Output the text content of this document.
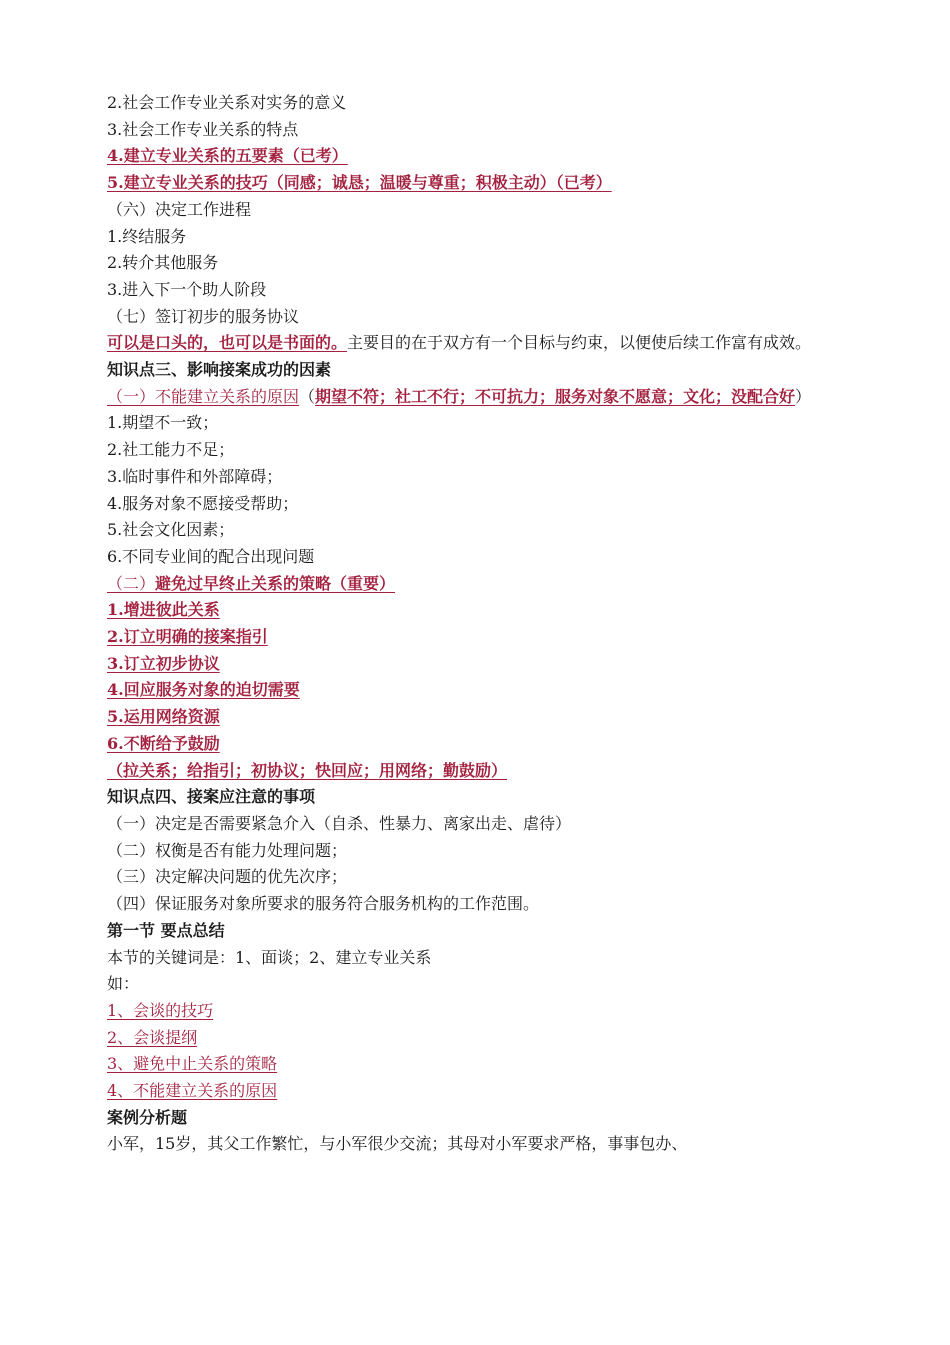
2.社会工作专业关系对实务的意义
3.社会工作专业关系的特点
4.建立专业关系的五要素（已考）
5.建立专业关系的技巧（同感；诚恳；温暖与尊重；积极主动）（已考）
（六）决定工作进程
1.终结服务
2.转介其他服务
3.进入下一个助人阶段
（七）签订初步的服务协议
可以是口头的，也可以是书面的。主要目的在于双方有一个目标与约束，以便使后续工作富有成效。
知识点三、影响接案成功的因素
（一）不能建立关系的原因（期望不符；社工不行；不可抗力；服务对象不愿意；文化；没配合好）
1.期望不一致；
2.社工能力不足；
3.临时事件和外部障碍；
4.服务对象不愿接受帮助；
5.社会文化因素；
6.不同专业间的配合出现问题
（二）避免过早终止关系的策略（重要）
1.增进彼此关系
2.订立明确的接案指引
3.订立初步协议
4.回应服务对象的迫切需要
5.运用网络资源
6.不断给予鼓励
（拉关系；给指引；初协议；快回应；用网络；勤鼓励）
知识点四、接案应注意的事项
（一）决定是否需要紧急介入（自杀、性暴力、离家出走、虐待）
（二）权衡是否有能力处理问题；
（三）决定解决问题的优先次序；
（四）保证服务对象所要求的服务符合服务机构的工作范围。
第一节 要点总结
本节的关键词是：1、面谈；2、建立专业关系
如：
1、会谈的技巧
2、会谈提纲
3、避免中止关系的策略
4、不能建立关系的原因
案例分析题
小军，15岁，其父工作繁忙，与小军很少交流；其母对小军要求严格，事事包办、
